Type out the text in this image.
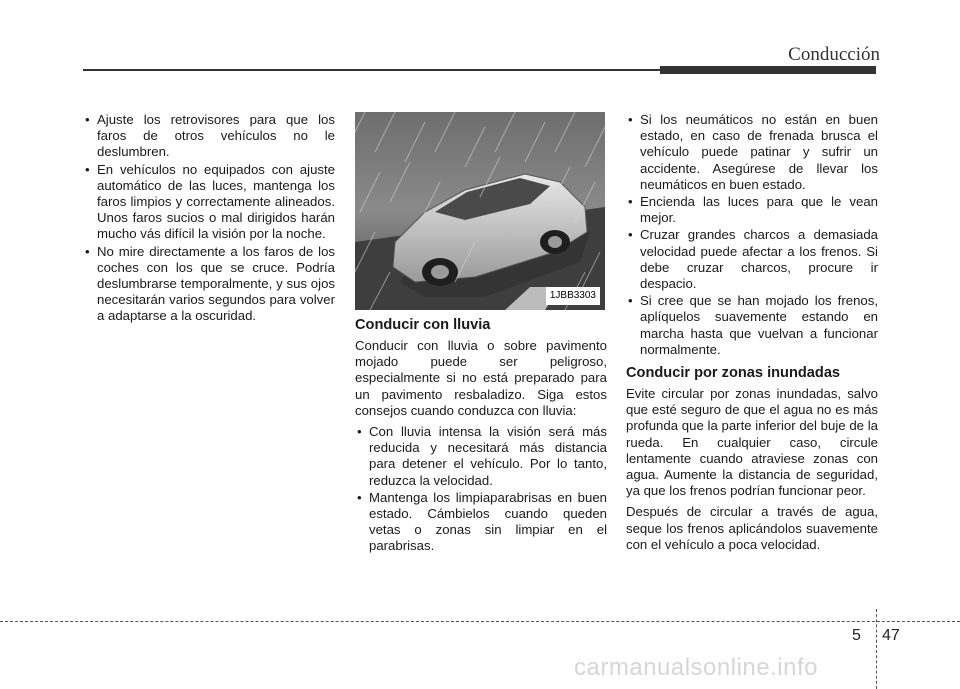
Conducción
• Ajuste los retrovisores para que los faros de otros vehículos no le deslumbren.
• En vehículos no equipados con ajuste automático de las luces, mantenga los faros limpios y correctamente alineados. Unos faros sucios o mal dirigidos harán mucho vás difícil la visión por la noche.
• No mire directamente a los faros de los coches con los que se cruce. Podría deslumbrarse temporalmente, y sus ojos necesitarán varios segundos para volver a adaptarse a la oscuridad.
1JBB3303
Conducir con lluvia

Conducir con lluvia o sobre pavimento mojado puede ser peligroso, especialmente si no está preparado para un pavimento resbaladizo. Siga estos consejos cuando conduzca con lluvia:

• Con lluvia intensa la visión será más reducida y necesitará más distancia para detener el vehículo. Por lo tanto, reduzca la velocidad.
• Mantenga los limpiaparabrisas en buen estado. Cámbielos cuando queden vetas o zonas sin limpiar en el parabrisas.
• Si los neumáticos no están en buen estado, en caso de frenada brusca el vehículo puede patinar y sufrir un accidente. Asegúrese de llevar los neumáticos en buen estado.
• Encienda las luces para que le vean mejor.
• Cruzar grandes charcos a demasiada velocidad puede afectar a los frenos. Si debe cruzar charcos, procure ir despacio.
• Si cree que se han mojado los frenos, aplíquelos suavemente estando en marcha hasta que vuelvan a funcionar normalmente.
Conducir por zonas inundadas

Evite circular por zonas inundadas, salvo que esté seguro de que el agua no es más profunda que la parte inferior del buje de la rueda. En cualquier caso, circule lentamente cuando atraviese zonas con agua. Aumente la distancia de seguridad, ya que los frenos podrían funcionar peor.

Después de circular a través de agua, seque los frenos aplicándolos suavemente con el vehículo a poca velocidad.

5 47
carmanualsonline.info
